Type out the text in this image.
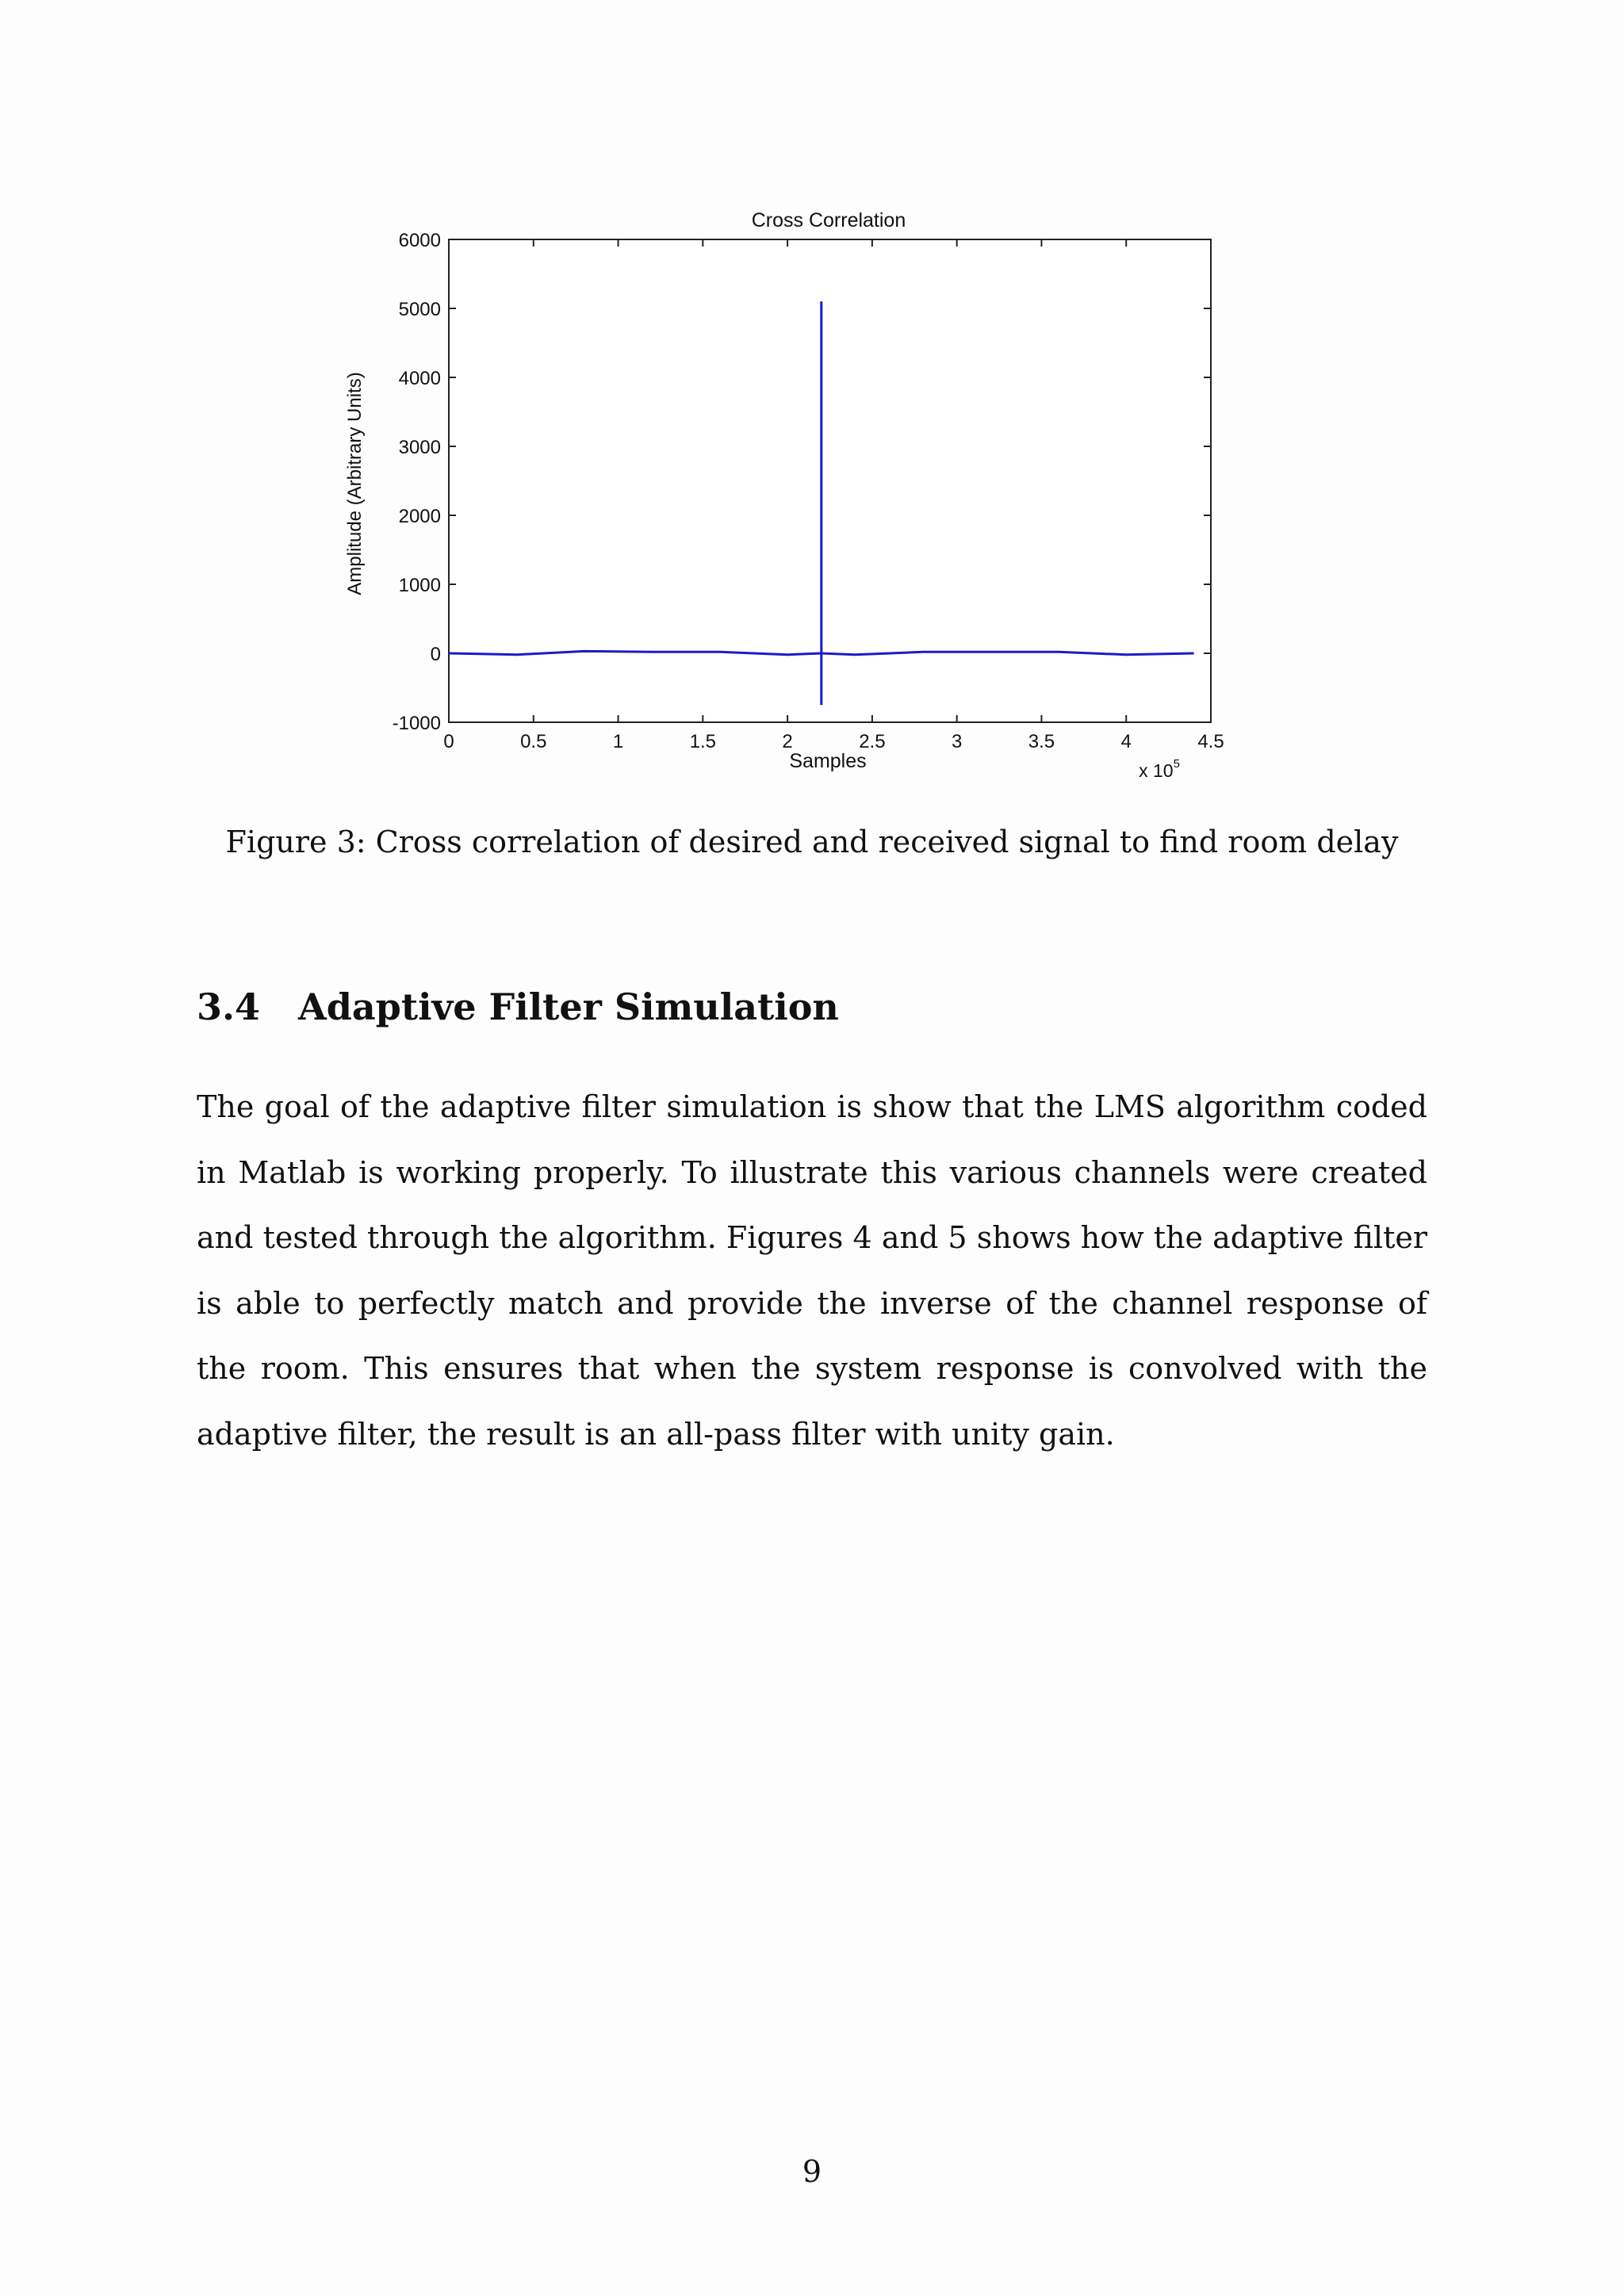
Cross Correlation
Amplitude (Arbitrary Units)
Samples	x $10^5$
0	0.5	1	1.5	2	2.5	3	3.5	4	4.5
-1000
0
1000
2000
3000
4000
5000
6000
Figure 3: Cross correlation of desired and received signal to find room delay
3.4 Adaptive Filter Simulation

The goal of the adaptive filter simulation is show that the LMS algorithm coded in Matlab is working properly. To illustrate this various channels were created and tested through the algorithm. Figures 4 and 5 shows how the adaptive filter is able to perfectly match and provide the inverse of the channel response of the room. This ensures that when the system response is convolved with the adaptive filter, the result is an all-pass filter with unity gain.

9
